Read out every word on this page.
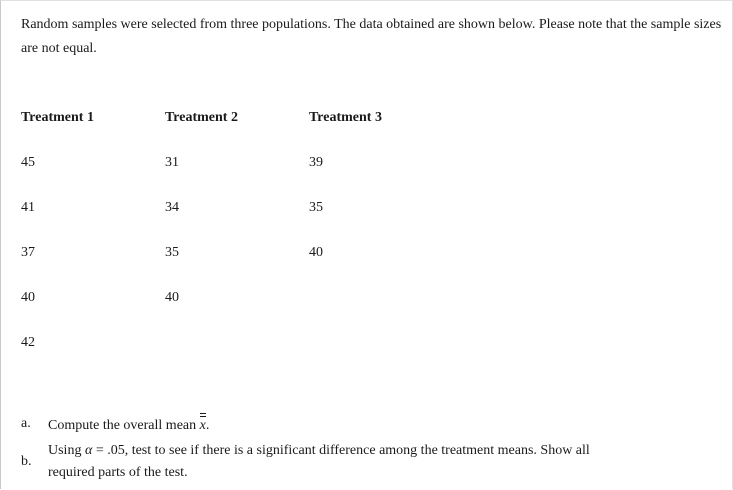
Random samples were selected from three populations. The data obtained are shown below. Please note that the sample sizes are not equal.
Treatment 1
45
41
37
40
42
Treatment 2
31
34
35
40
Treatment 3
39
35
40
a. Compute the overall mean x.
b.
Using α = .05, test to see if there is a significant difference among the treatment means. Show all required parts of the test.
